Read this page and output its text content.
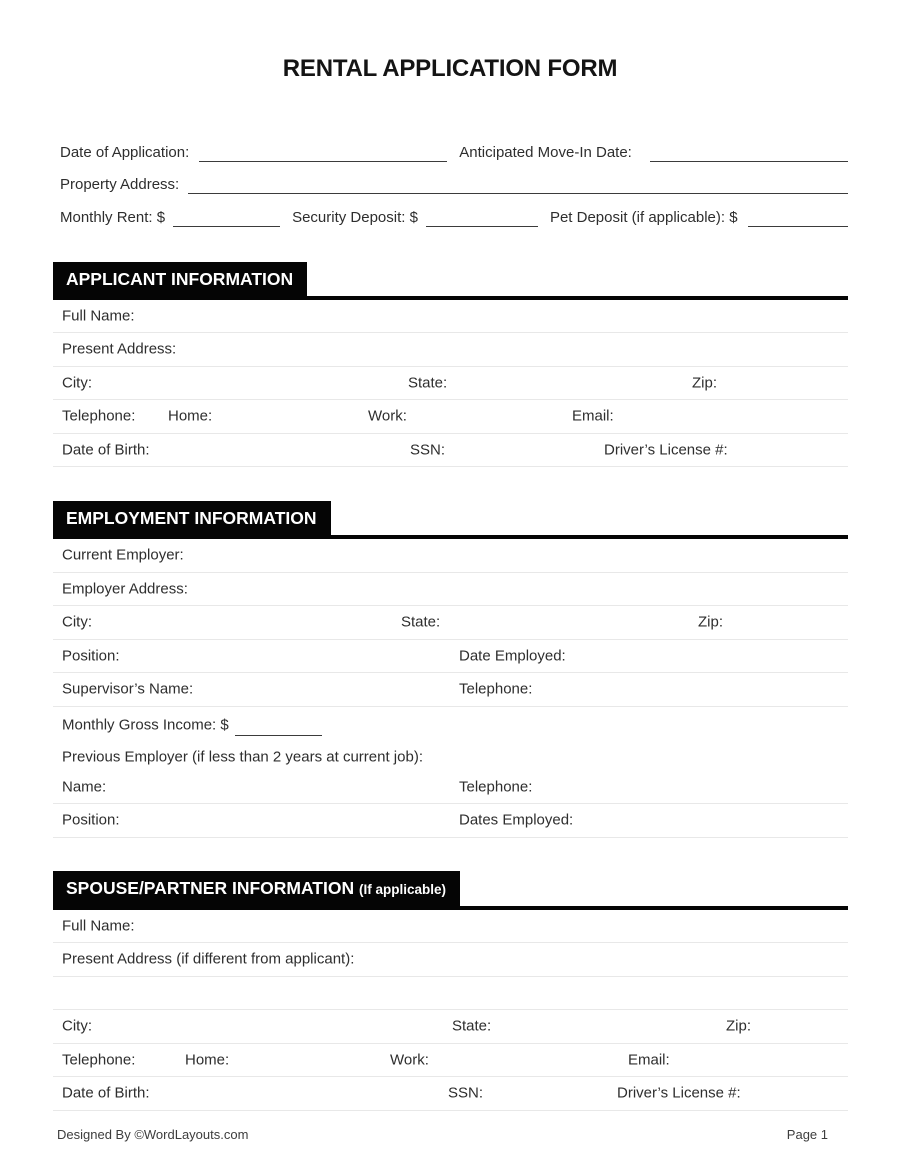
RENTAL APPLICATION FORM
Date of Application:	Anticipated Move-In Date:
Property Address:
Monthly Rent: $	Security Deposit: $	Pet Deposit (if applicable): $
APPLICANT INFORMATION
Full Name:
Present Address:
City:	State:	Zip:
Telephone: Home:	Work:	Email:
Date of Birth:	SSN:	Driver’s License #:
EMPLOYMENT INFORMATION
Current Employer:
Employer Address:
City:	State:	Zip:
Position:	Date Employed:
Supervisor’s Name:	Telephone:
Monthly Gross Income: $
Previous Employer (if less than 2 years at current job):
Name:	Telephone:
Position:	Dates Employed:
SPOUSE/PARTNER INFORMATION (If applicable)
Full Name:
Present Address (if different from applicant):
City:	State:	Zip:
Telephone:	Home:	Work:	Email:
Date of Birth:	SSN:	Driver’s License #:
Designed By ©WordLayouts.com	Page 1
